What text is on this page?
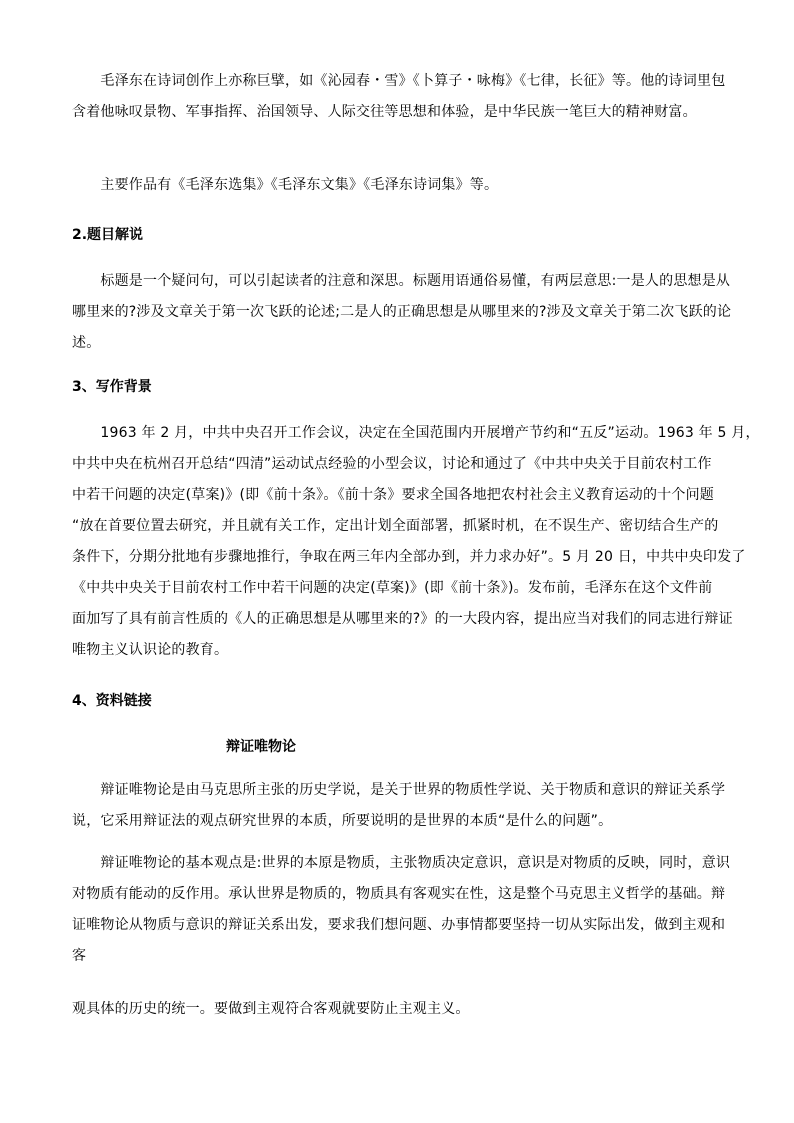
　　毛泽东在诗词创作上亦称巨擘，如《沁园春・雪》《卜算子・咏梅》《七律，长征》等。他的诗词里包
含着他咏叹景物、军事指挥、治国领导、人际交往等思想和体验，是中华民族一笔巨大的精神财富。

　　主要作品有《毛泽东选集》《毛泽东文集》《毛泽东诗词集》等。

2.题目解说

　　标题是一个疑问句，可以引起读者的注意和深思。标题用语通俗易懂，有两层意思:一是人的思想是从
哪里来的?涉及文章关于第一次飞跃的论述;二是人的正确思想是从哪里来的?涉及文章关于第二次飞跃的论
述。

3、写作背景

　　1963 年 2 月，中共中央召开工作会议，决定在全国范围内开展增产节约和“五反”运动。1963 年 5 月，
中共中央在杭州召开总结“四清”运动试点经验的小型会议，讨论和通过了《中共中央关于目前农村工作
中若干问题的决定(草案)》(即《前十条》。《前十条》要求全国各地把农村社会主义教育运动的十个问题
“放在首要位置去研究，并且就有关工作，定出计划全面部署，抓紧时机，在不误生产、密切结合生产的
条件下，分期分批地有步骤地推行，争取在两三年内全部办到，并力求办好”。5 月 20 日，中共中央印发了
《中共中央关于目前农村工作中若干问题的决定(草案)》(即《前十条》)。发布前，毛泽东在这个文件前
面加写了具有前言性质的《人的正确思想是从哪里来的?》的一大段内容，提出应当对我们的同志进行辩证
唯物主义认识论的教育。

4、资料链接

辩证唯物论

　　辩证唯物论是由马克思所主张的历史学说，是关于世界的物质性学说、关于物质和意识的辩证关系学
说，它采用辩证法的观点研究世界的本质，所要说明的是世界的本质“是什么的问题”。

　　辩证唯物论的基本观点是:世界的本原是物质，主张物质决定意识，意识是对物质的反映，同时，意识
对物质有能动的反作用。承认世界是物质的，物质具有客观实在性，这是整个马克思主义哲学的基础。辩
证唯物论从物质与意识的辩证关系出发，要求我们想问题、办事情都要坚持一切从实际出发，做到主观和
客

观具体的历史的统一。要做到主观符合客观就要防止主观主义。
